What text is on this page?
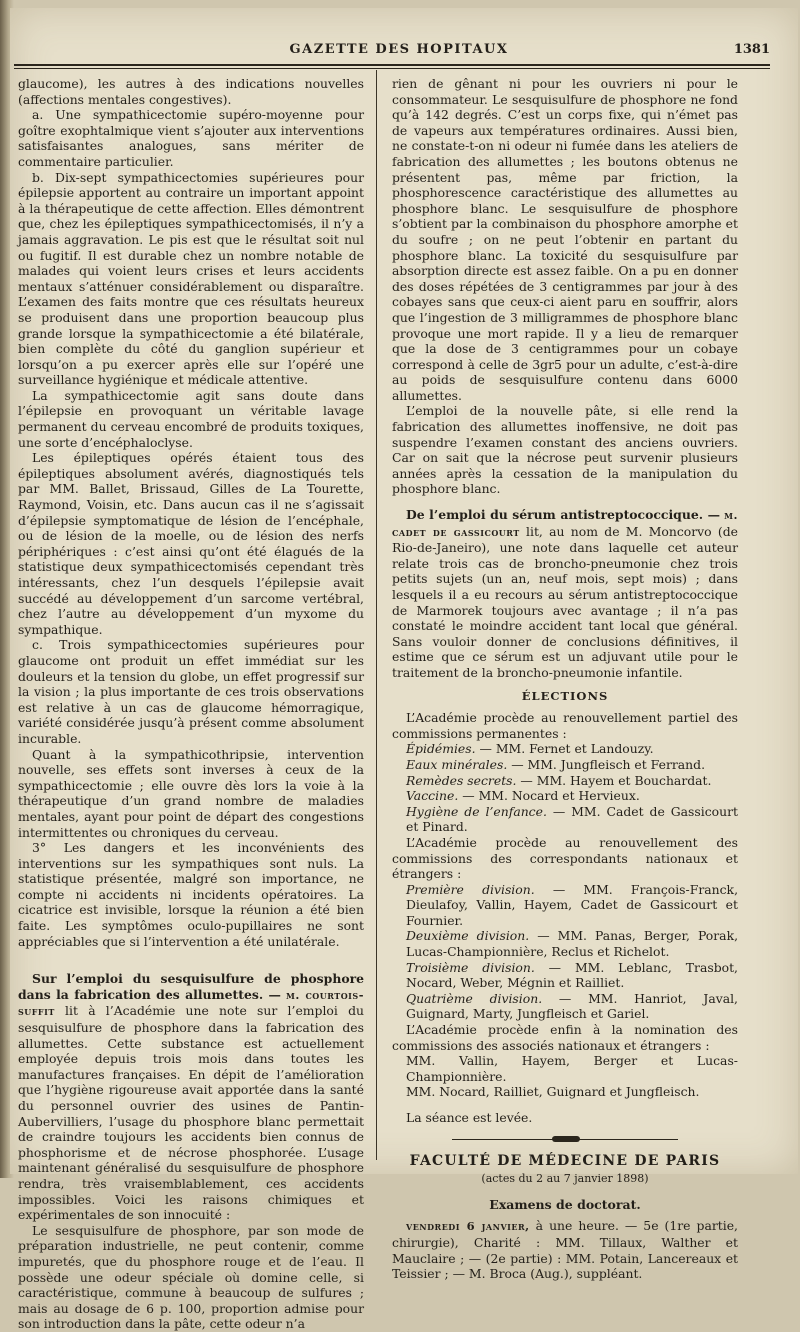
GAZETTE DES HOPITAUX	1381

glaucome), les autres à des indications nouvelles (affections mentales congestives).

a. Une sympathicectomie supéro-moyenne pour goître exophtalmique vient s’ajouter aux interventions satisfaisantes analogues, sans mériter de commentaire particulier.

b. Dix-sept sympathicectomies supérieures pour épilepsie apportent au contraire un important appoint à la thérapeutique de cette affection. Elles démontrent que, chez les épileptiques sympathicectomisés, il n’y a jamais aggravation. Le pis est que le résultat soit nul ou fugitif. Il est durable chez un nombre notable de malades qui voient leurs crises et leurs accidents mentaux s’atténuer considérablement ou disparaître. L’examen des faits montre que ces résultats heureux se produisent dans une proportion beaucoup plus grande lorsque la sympathicectomie a été bilatérale, bien complète du côté du ganglion supérieur et lorsqu’on a pu exercer après elle sur l’opéré une surveillance hygiénique et médicale attentive.

La sympathicectomie agit sans doute dans l’épilepsie en provoquant un véritable lavage permanent du cerveau encombré de produits toxiques, une sorte d’encéphaloclyse.

Les épileptiques opérés étaient tous des épileptiques absolument avérés, diagnostiqués tels par MM. Ballet, Brissaud, Gilles de La Tourette, Raymond, Voisin, etc. Dans aucun cas il ne s’agissait d’épilepsie symptomatique de lésion de l’encéphale, ou de lésion de la moelle, ou de lésion des nerfs périphériques : c’est ainsi qu’ont été élagués de la statistique deux sympathicectomisés cependant très intéressants, chez l’un desquels l’épilepsie avait succédé au développement d’un sarcome vertébral, chez l’autre au développement d’un myxome du sympathique.

c. Trois sympathicectomies supérieures pour glaucome ont produit un effet immédiat sur les douleurs et la tension du globe, un effet progressif sur la vision ; la plus importante de ces trois observations est relative à un cas de glaucome hémorragique, variété considérée jusqu’à présent comme absolument incurable.

Quant à la sympathicothripsie, intervention nouvelle, ses effets sont inverses à ceux de la sympathicectomie ; elle ouvre dès lors la voie à la thérapeutique d’un grand nombre de maladies mentales, ayant pour point de départ des congestions intermittentes ou chroniques du cerveau.

3° Les dangers et les inconvénients des interventions sur les sympathiques sont nuls. La statistique présentée, malgré son importance, ne compte ni accidents ni incidents opératoires. La cicatrice est invisible, lorsque la réunion a été bien faite. Les symptômes oculo-pupillaires ne sont appréciables que si l’intervention a été unilatérale.

Sur l’emploi du sesquisulfure de phosphore dans la fabrication des allumettes. — m. courtois-suffit lit à l’Académie une note sur l’emploi du sesquisulfure de phosphore dans la fabrication des allumettes. Cette substance est actuellement employée depuis trois mois dans toutes les manufactures françaises. En dépit de l’amélioration que l’hygiène rigoureuse avait apportée dans la santé du personnel ouvrier des usines de Pantin-Aubervilliers, l’usage du phosphore blanc permettait de craindre toujours les accidents bien connus de phosphorisme et de nécrose phosphorée. L’usage maintenant généralisé du sesquisulfure de phosphore rendra, très vraisemblablement, ces accidents impossibles. Voici les raisons chimiques et expérimentales de son innocuité :

Le sesquisulfure de phosphore, par son mode de préparation industrielle, ne peut contenir, comme impuretés, que du phosphore rouge et de l’eau. Il possède une odeur spéciale où domine celle, si caractéristique, commune à beaucoup de sulfures ; mais au dosage de 6 p. 100, proportion admise pour son introduction dans la pâte, cette odeur n’a

rien de gênant ni pour les ouvriers ni pour le consommateur. Le sesquisulfure de phosphore ne fond qu’à 142 degrés. C’est un corps fixe, qui n’émet pas de vapeurs aux températures ordinaires. Aussi bien, ne constate-t-on ni odeur ni fumée dans les ateliers de fabrication des allumettes ; les boutons obtenus ne présentent pas, même par friction, la phosphorescence caractéristique des allumettes au phosphore blanc. Le sesquisulfure de phosphore s’obtient par la combinaison du phosphore amorphe et du soufre ; on ne peut l’obtenir en partant du phosphore blanc. La toxicité du sesquisulfure par absorption directe est assez faible. On a pu en donner des doses répétées de 3 centigrammes par jour à des cobayes sans que ceux-ci aient paru en souffrir, alors que l’ingestion de 3 milligrammes de phosphore blanc provoque une mort rapide. Il y a lieu de remarquer que la dose de 3 centigrammes pour un cobaye correspond à celle de 3gr5 pour un adulte, c’est-à-dire au poids de sesquisulfure contenu dans 6000 allumettes.

L’emploi de la nouvelle pâte, si elle rend la fabrication des allumettes inoffensive, ne doit pas suspendre l’examen constant des anciens ouvriers. Car on sait que la nécrose peut survenir plusieurs années après la cessation de la manipulation du phosphore blanc.

De l’emploi du sérum antistreptococcique. — m. cadet de gassicourt lit, au nom de M. Moncorvo (de Rio-de-Janeiro), une note dans laquelle cet auteur relate trois cas de broncho-pneumonie chez trois petits sujets (un an, neuf mois, sept mois) ; dans lesquels il a eu recours au sérum antistreptococcique de Marmorek toujours avec avantage ; il n’a pas constaté le moindre accident tant local que général. Sans vouloir donner de conclusions définitives, il estime que ce sérum est un adjuvant utile pour le traitement de la broncho-pneumonie infantile.

ÉLECTIONS

L’Académie procède au renouvellement partiel des commissions permanentes :

Épidémies. — MM. Fernet et Landouzy.

Eaux minérales. — MM. Jungfleisch et Ferrand.

Remèdes secrets. — MM. Hayem et Bouchardat.

Vaccine. — MM. Nocard et Hervieux.

Hygiène de l’enfance. — MM. Cadet de Gassicourt et Pinard.

L’Académie procède au renouvellement des commissions des correspondants nationaux et étrangers :

Première division. — MM. François-Franck, Dieulafoy, Vallin, Hayem, Cadet de Gassicourt et Fournier.

Deuxième division. — MM. Panas, Berger, Porak, Lucas-Championnière, Reclus et Richelot.

Troisième division. — MM. Leblanc, Trasbot, Nocard, Weber, Mégnin et Railliet.

Quatrième division. — MM. Hanriot, Javal, Guignard, Marty, Jungfleisch et Gariel.

L’Académie procède enfin à la nomination des commissions des associés nationaux et étrangers :

MM. Vallin, Hayem, Berger et Lucas-Championnière.

MM. Nocard, Railliet, Guignard et Jungfleisch.

La séance est levée.

FACULTÉ DE MÉDECINE DE PARIS
(actes du 2 au 7 janvier 1898)
Examens de doctorat.

vendredi 6 janvier, à une heure. — 5e (1re partie, chirurgie), Charité : MM. Tillaux, Walther et Mauclaire ; — (2e partie) : MM. Potain, Lancereaux et Teissier ; — M. Broca (Aug.), suppléant.
